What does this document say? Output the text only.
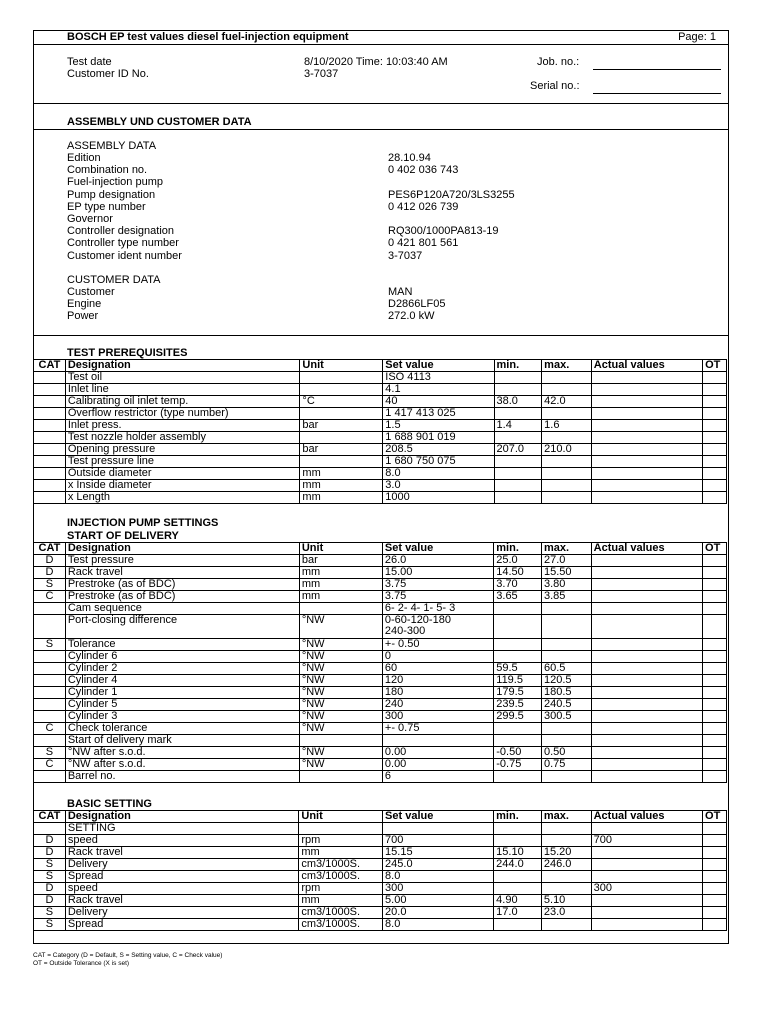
BOSCH EP test values diesel fuel-injection equipment	Page: 1
Test date	8/10/2020 Time: 10:03:40 AM
Customer ID No.	3-7037
Job. no.:
Serial no.:
ASSEMBLY UND CUSTOMER DATA
ASSEMBLY DATA
Edition	28.10.94
Combination no.	0 402 036 743
Fuel-injection pump
Pump designation	PES6P120A720/3LS3255
EP type number	0 412 026 739
Governor
Controller designation	RQ300/1000PA813-19
Controller type number	0 421 801 561
Customer ident number	3-7037
CUSTOMER DATA
Customer	MAN
Engine	D2866LF05
Power	272.0 kW
TEST PREREQUISITES
CAT	Designation	Unit	Set value	min.	max.	Actual values	OT
	Test oil		ISO 4113				
	Inlet line		4.1				
	Calibrating oil inlet temp.	°C	40	38.0	42.0		
	Overflow restrictor (type number)		1 417 413 025				
	Inlet press.	bar	1.5	1.4	1.6		
	Test nozzle holder assembly		1 688 901 019				
	Opening pressure	bar	208.5	207.0	210.0		
	Test pressure line		1 680 750 075				
	Outside diameter	mm	8.0				
	x Inside diameter	mm	3.0				
	x Length	mm	1000				
INJECTION PUMP SETTINGS
START OF DELIVERY
CAT	Designation	Unit	Set value	min.	max.	Actual values	OT
D	Test pressure	bar	26.0	25.0	27.0		
D	Rack travel	mm	15.00	14.50	15.50		
S	Prestroke (as of BDC)	mm	3.75	3.70	3.80		
C	Prestroke (as of BDC)	mm	3.75	3.65	3.85		
	Cam sequence		6- 2- 4- 1- 5- 3				
	Port-closing difference	°NW	0-60-120-180
240-300				

S	Tolerance	°NW	+- 0.50				
	Cylinder 6	°NW	0				
	Cylinder 2	°NW	60	59.5	60.5		
	Cylinder 4	°NW	120	119.5	120.5		
	Cylinder 1	°NW	180	179.5	180.5		
	Cylinder 5	°NW	240	239.5	240.5		
	Cylinder 3	°NW	300	299.5	300.5		
C	Check tolerance	°NW	+- 0.75				
	Start of delivery mark						
S	°NW after s.o.d.	°NW	0.00	-0.50	0.50		
C	°NW after s.o.d.	°NW	0.00	-0.75	0.75		
	Barrel no.		6				
BASIC SETTING
CAT	Designation	Unit	Set value	min.	max.	Actual values	OT
	SETTING						
D	speed	rpm	700			700	
D	Rack travel	mm	15.15	15.10	15.20		
S	Delivery	cm3/1000S.	245.0	244.0	246.0		
S	Spread	cm3/1000S.	8.0				
D	speed	rpm	300			300	
D	Rack travel	mm	5.00	4.90	5.10		
S	Delivery	cm3/1000S.	20.0	17.0	23.0		
S	Spread	cm3/1000S.	8.0				
CAT = Category (D = Default, S = Setting value, C = Check value)
OT = Outside Tolerance (X is set)
